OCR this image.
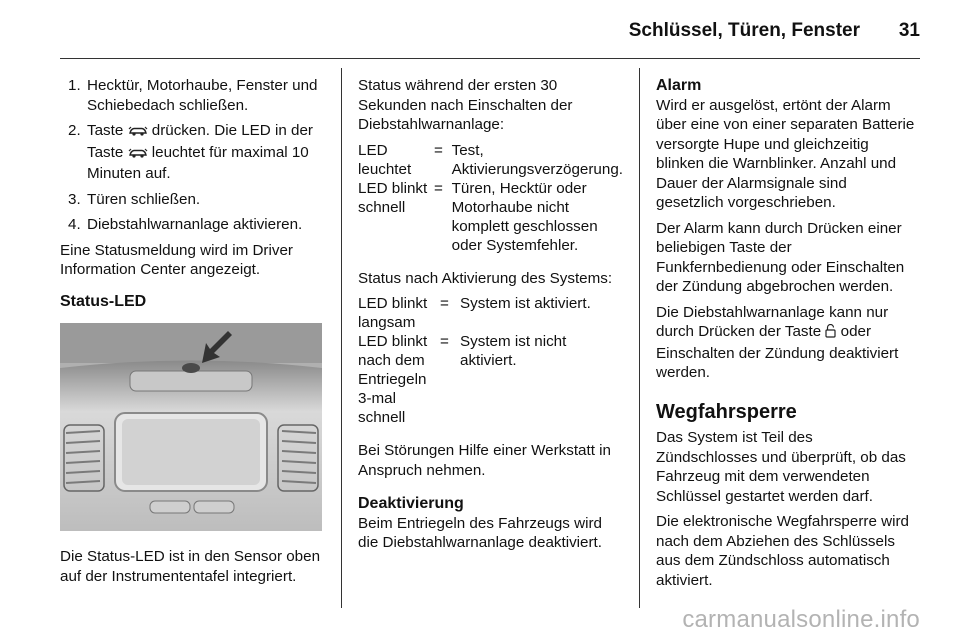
Schlüssel, Türen, Fenster 31
1. Hecktür, Motorhaube, Fenster und Schiebedach schließen.
2. Taste  drücken. Die LED in der Taste  leuchtet für maximal 10 Minuten auf.
3. Türen schließen.
4. Diebstahlwarnanlage aktivieren.

Eine Statusmeldung wird im Driver Information Center angezeigt.

Status-LED

Die Status-LED ist in den Sensor oben auf der Instrumententafel integriert.

Status während der ersten 30 Sekunden nach Einschalten der Diebstahlwarnanlage:

LED leuchtet	=	Test, Aktivierungsverzögerung.
LED blinkt schnell	=	Türen, Hecktür oder Motorhaube nicht komplett geschlossen oder Systemfehler.

Status nach Aktivierung des Systems:

LED blinkt langsam	=	System ist aktiviert.
LED blinkt nach dem Entriegeln 3-mal schnell	=	System ist nicht aktiviert.

Bei Störungen Hilfe einer Werkstatt in Anspruch nehmen.

Deaktivierung

Beim Entriegeln des Fahrzeugs wird die Diebstahlwarnanlage deaktiviert.

Alarm

Wird er ausgelöst, ertönt der Alarm über eine von einer separaten Batterie versorgte Hupe und gleichzeitig blinken die Warnblinker. Anzahl und Dauer der Alarmsignale sind gesetzlich vorgeschrieben.

Der Alarm kann durch Drücken einer beliebigen Taste der Funkfernbedienung oder Einschalten der Zündung abgebrochen werden.

Die Diebstahlwarnanlage kann nur durch Drücken der Taste  oder Einschalten der Zündung deaktiviert werden.

Wegfahrsperre

Das System ist Teil des Zündschlosses und überprüft, ob das Fahrzeug mit dem verwendeten Schlüssel gestartet werden darf.

Die elektronische Wegfahrsperre wird nach dem Abziehen des Schlüssels aus dem Zündschloss automatisch aktiviert.

carmanualsonline.info
